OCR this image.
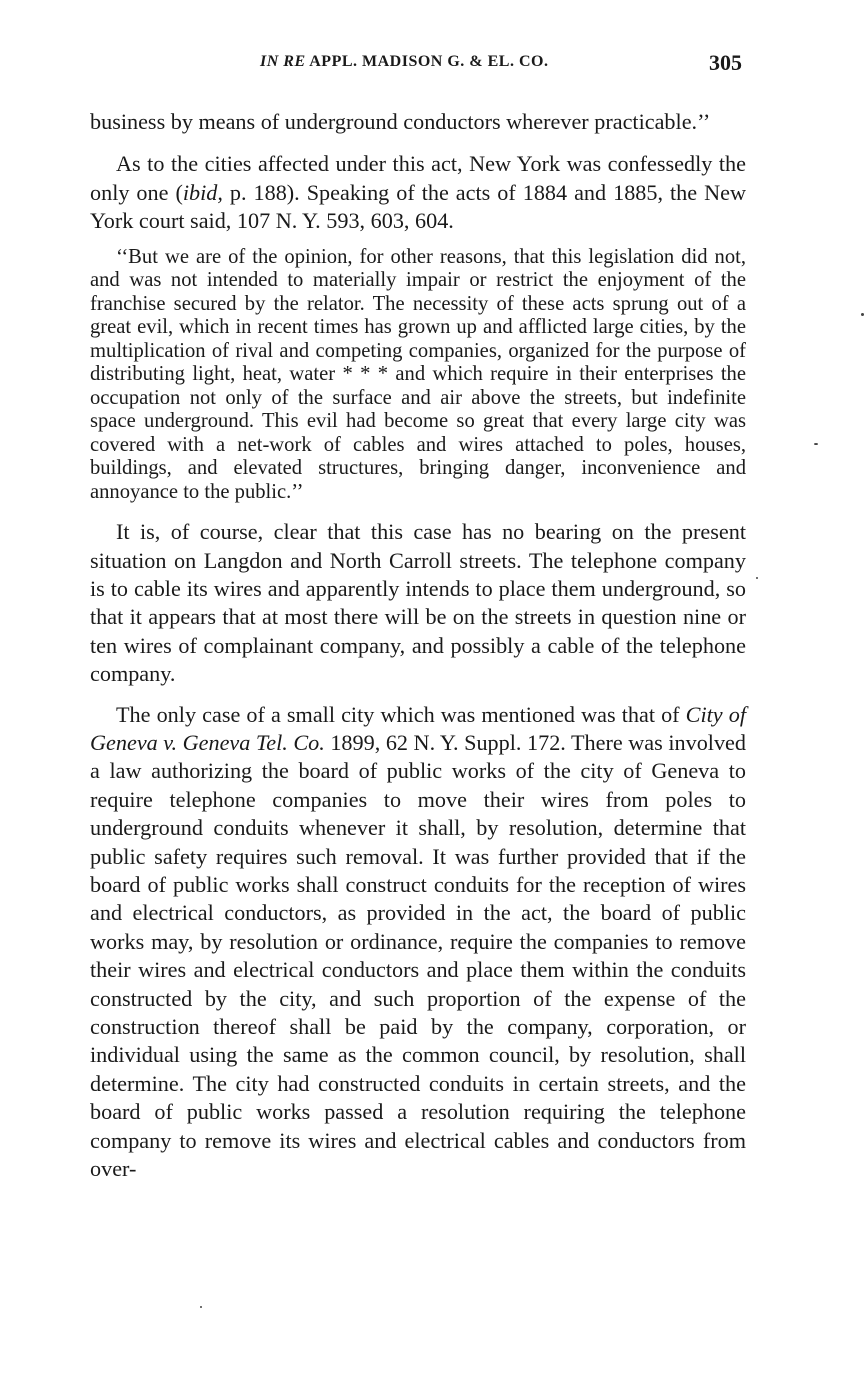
IN RE APPL. MADISON G. & EL. CO.	305

business by means of underground conductors wherever practicable.’’

As to the cities affected under this act, New York was confessedly the only one (ibid, p. 188). Speaking of the acts of 1884 and 1885, the New York court said, 107 N. Y. 593, 603, 604.

‘‘But we are of the opinion, for other reasons, that this legislation did not, and was not intended to materially impair or restrict the enjoyment of the franchise secured by the relator. The necessity of these acts sprung out of a great evil, which in recent times has grown up and afflicted large cities, by the multiplication of rival and competing companies, organized for the purpose of distributing light, heat, water * * * and which require in their enterprises the occupation not only of the surface and air above the streets, but indefinite space underground. This evil had become so great that every large city was covered with a net-work of cables and wires attached to poles, houses, buildings, and elevated structures, bringing danger, inconvenience and annoyance to the public.’’

It is, of course, clear that this case has no bearing on the present situation on Langdon and North Carroll streets. The telephone company is to cable its wires and apparently intends to place them underground, so that it appears that at most there will be on the streets in question nine or ten wires of complainant company, and possibly a cable of the telephone company.

The only case of a small city which was mentioned was that of City of Geneva v. Geneva Tel. Co. 1899, 62 N. Y. Suppl. 172. There was involved a law authorizing the board of public works of the city of Geneva to require telephone companies to move their wires from poles to underground conduits whenever it shall, by resolution, determine that public safety requires such removal. It was further provided that if the board of public works shall construct conduits for the reception of wires and electrical conductors, as provided in the act, the board of public works may, by resolution or ordinance, require the companies to remove their wires and electrical conductors and place them within the conduits constructed by the city, and such proportion of the expense of the construction thereof shall be paid by the company, corporation, or individual using the same as the common council, by resolution, shall determine. The city had constructed conduits in certain streets, and the board of public works passed a resolution requiring the telephone company to remove its wires and electrical cables and conductors from over-
